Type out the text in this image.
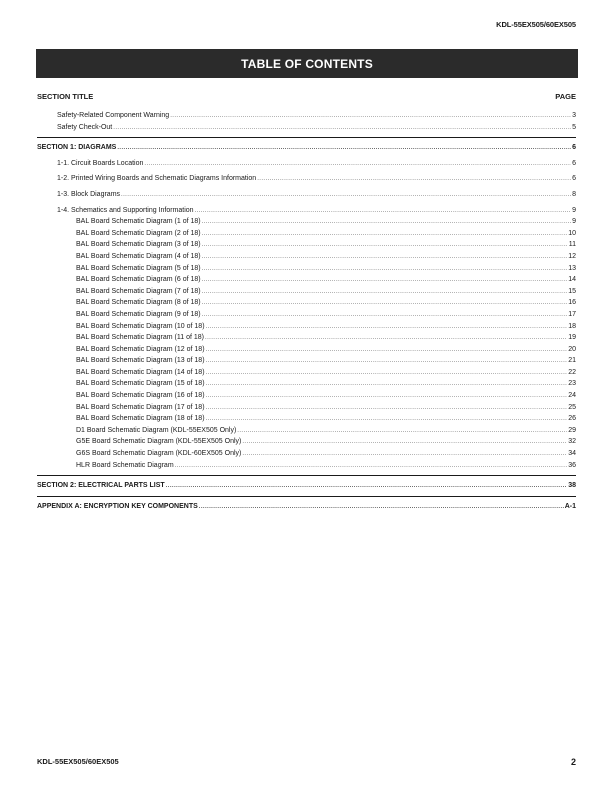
KDL-55EX505/60EX505
TABLE OF CONTENTS
SECTION TITLE	PAGE
Safety-Related Component Warning .....	3
Safety Check-Out .....	5
SECTION 1: DIAGRAMS .....	6
1-1. Circuit Boards Location .....	6
1-2. Printed Wiring Boards and Schematic Diagrams Information .....	6
1-3. Block Diagrams .....	8
1-4. Schematics and Supporting Information .....	9
BAL Board Schematic Diagram (1 of 18) .....	9
BAL Board Schematic Diagram (2 of 18) .....	10
BAL Board Schematic Diagram (3 of 18) .....	11
BAL Board Schematic Diagram (4 of 18) .....	12
BAL Board Schematic Diagram (5 of 18) .....	13
BAL Board Schematic Diagram (6 of 18) .....	14
BAL Board Schematic Diagram (7 of 18) .....	15
BAL Board Schematic Diagram (8 of 18) .....	16
BAL Board Schematic Diagram (9 of 18) .....	17
BAL Board Schematic Diagram (10 of 18) .....	18
BAL Board Schematic Diagram (11 of 18) .....	19
BAL Board Schematic Diagram (12 of 18) .....	20
BAL Board Schematic Diagram (13 of 18) .....	21
BAL Board Schematic Diagram (14 of 18) .....	22
BAL Board Schematic Diagram (15 of 18) .....	23
BAL Board Schematic Diagram (16 of 18) .....	24
BAL Board Schematic Diagram (17 of 18) .....	25
BAL Board Schematic Diagram (18 of 18) .....	26
D1 Board Schematic Diagram (KDL-55EX505 Only) .....	29
G5E Board Schematic Diagram (KDL-55EX505 Only) .....	32
G6S Board Schematic Diagram (KDL-60EX505 Only) .....	34
HLR Board Schematic Diagram .....	36
SECTION 2: ELECTRICAL PARTS LIST .....	38
APPENDIX A: ENCRYPTION KEY COMPONENTS .....	A-1
KDL-55EX505/60EX505	2
